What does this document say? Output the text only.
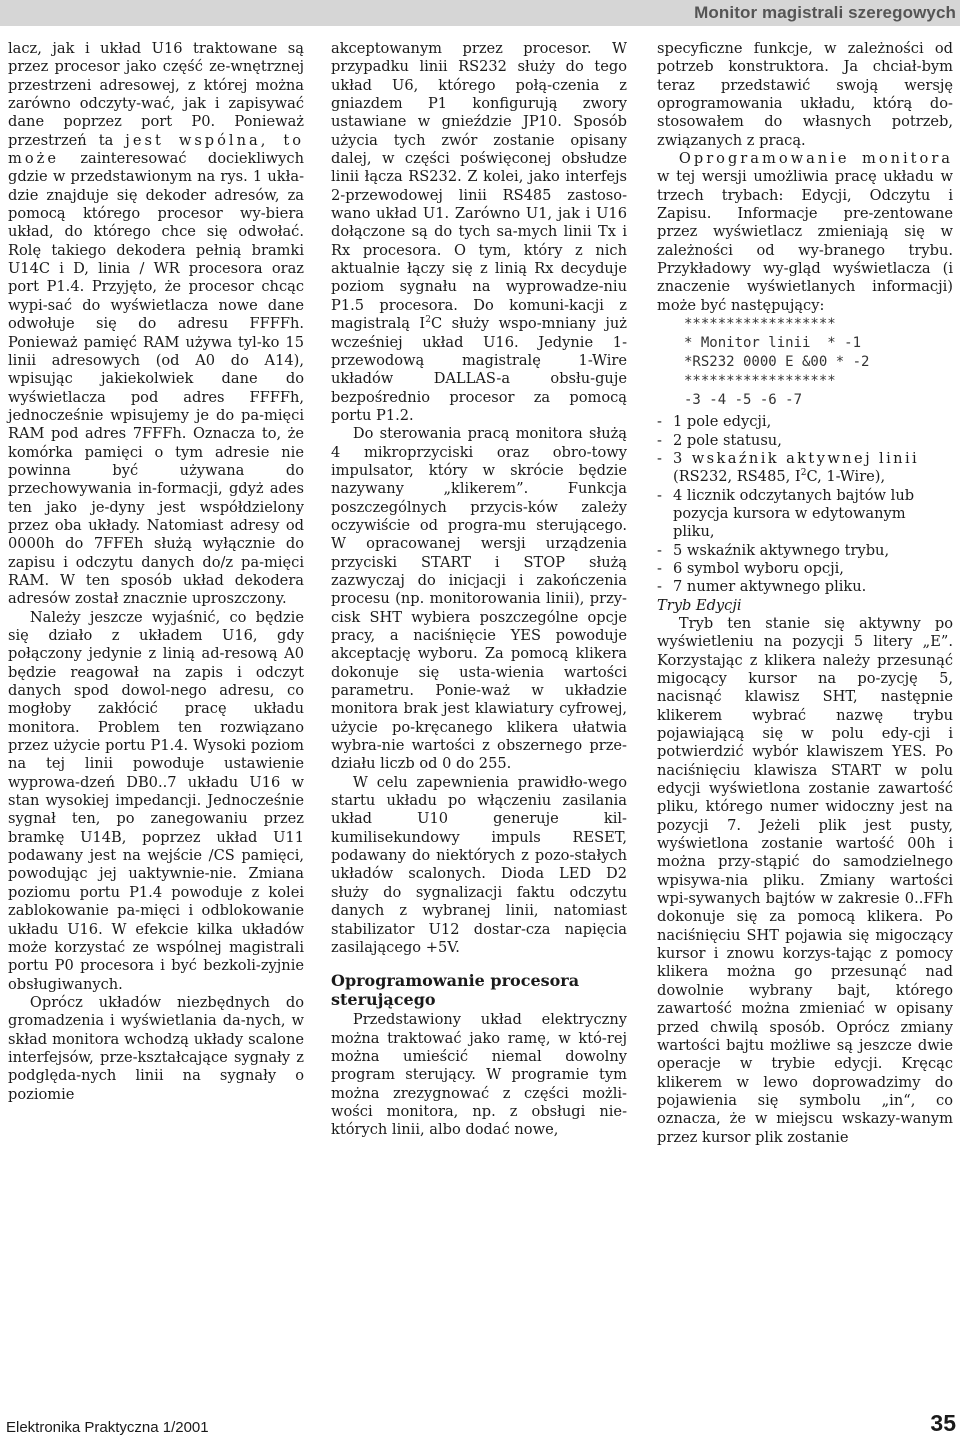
Monitor magistrali szeregowych

lacz, jak i układ U16 traktowane są przez procesor jako część ze-wnętrznej przestrzeni adresowej, z której można zarówno odczyty-wać, jak i zapisywać dane poprzez port P0. Ponieważ przestrzeń ta jest wspólna, to może zainteresować dociekliwych gdzie w przedstawionym na rys. 1 ukła-dzie znajduje się dekoder adresów, za pomocą którego procesor wy-biera układ, do którego chce się odwołać. Rolę takiego dekodera pełnią bramki U14C i D, linia / WR procesora oraz port P1.4. Przyjęto, że procesor chcąc wypi-sać do wyświetlacza nowe dane odwołuje się do adresu FFFFh. Ponieważ pamięć RAM używa tyl-ko 15 linii adresowych (od A0 do A14), wpisując jakiekolwiek dane do wyświetlacza pod adres FFFFh, jednocześnie wpisujemy je do pa-mięci RAM pod adres 7FFFh. Oznacza to, że komórka pamięci o tym adresie nie powinna być używana do przechowywania in-formacji, gdyż ades ten jako je-dyny jest współdzielony przez oba układy. Natomiast adresy od 0000h do 7FFEh służą wyłącznie do zapisu i odczytu danych do/z pa-mięci RAM. W ten sposób układ dekodera adresów został znacznie uproszczony.

Należy jeszcze wyjaśnić, co będzie się działo z układem U16, gdy połączony jedynie z linią ad-resową A0 będzie reagował na zapis i odczyt danych spod dowol-nego adresu, co mogłoby zakłócić pracę układu monitora. Problem ten rozwiązano przez użycie portu P1.4. Wysoki poziom na tej linii powoduje ustawienie wyprowa-dzeń DB0..7 układu U16 w stan wysokiej impedancji. Jednocześnie sygnał ten, po zanegowaniu przez bramkę U14B, poprzez układ U11 podawany jest na wejście /CS pamięci, powodując jej uaktywnie-nie. Zmiana poziomu portu P1.4 powoduje z kolei zablokowanie pa-mięci i odblokowanie układu U16. W efekcie kilka układów może korzystać ze wspólnej magistrali portu P0 procesora i być bezkoli-zyjnie obsługiwanych.

Oprócz układów niezbędnych do gromadzenia i wyświetlania da-nych, w skład monitora wchodzą układy scalone interfejsów, prze-kształcające sygnały z podględa-nych linii na sygnały o poziomie

akceptowanym przez procesor. W przypadku linii RS232 służy do tego układ U6, którego połą-czenia z gniazdem P1 konfigurują zwory ustawiane w gnieździe JP10. Sposób użycia tych zwór zostanie opisany dalej, w części poświęconej obsłudze linii łącza RS232. Z kolei, jako interfejs 2-przewodowej linii RS485 zastoso-wano układ U1. Zarówno U1, jak i U16 dołączone są do tych sa-mych linii Tx i Rx procesora. O tym, który z nich aktualnie łączy się z linią Rx decyduje poziom sygnału na wyprowadze-niu P1.5 procesora. Do komuni-kacji z magistralą $I^2C$ służy wspo-mniany już wcześniej układ U16. Jedynie 1-przewodową magistralę 1-Wire układów DALLAS-a obsłu-guje bezpośrednio procesor za pomocą portu P1.2.

Do sterowania pracą monitora służą 4 mikroprzyciski oraz obro-towy impulsator, który w skrócie będzie nazywany „klikerem”. Funkcja poszczególnych przycis-ków zależy oczywiście od progra-mu sterującego. W opracowanej wersji urządzenia przyciski START i STOP służą zazwyczaj do inicjacji i zakończenia procesu (np. monitorowania linii), przy-cisk SHT wybiera poszczególne opcje pracy, a naciśnięcie YES powoduje akceptację wyboru. Za pomocą klikera dokonuje się usta-wienia wartości parametru. Ponie-waż w układzie monitora brak jest klawiatury cyfrowej, użycie po-kręcanego klikera ułatwia wybra-nie wartości z obszernego prze-działu liczb od 0 do 255.

W celu zapewnienia prawidło-wego startu układu po włączeniu zasilania układ U10 generuje kil-kumilisekundowy impuls RESET, podawany do niektórych z pozo-stałych układów scalonych. Dioda LED D2 służy do sygnalizacji faktu odczytu danych z wybranej linii, natomiast stabilizator U12 dostar-cza napięcia zasilającego +5V.

Oprogramowanie procesora sterującego

Przedstawiony układ elektryczny można traktować jako ramę, w któ-rej można umieścić niemal dowolny program sterujący. W programie tym można zrezygnować z części możli-wości monitora, np. z obsługi nie-których linii, albo dodać nowe,

specyficzne funkcje, w zależności od potrzeb konstruktora. Ja chciał-bym teraz przedstawić swoją wersję oprogramowania układu, którą do-stosowałem do własnych potrzeb, związanych z pracą.

Oprogramowanie monitora w tej wersji umożliwia pracę układu w trzech trybach: Edycji, Odczytu i Zapisu. Informacje pre-zentowane przez wyświetlacz zmieniają się w zależności od wy-branego trybu. Przykładowy wy-gląd wyświetlacza (i znaczenie wyświetlanych informacji) może być następujący:

******************
* Monitor linii  * -1
*RS232 0000 E &00 * -2
******************
-3 -4 -5 -6 -7
- 1 pole edycji,
- 2 pole statusu,
- 3 wskaźnik aktywnej linii
(RS232, RS485, $I^2C$, 1-Wire),
- 4 licznik odczytanych bajtów lub
pozycja kursora w edytowanym
pliku,
- 5 wskaźnik aktywnego trybu,
- 6 symbol wyboru opcji,
- 7 numer aktywnego pliku.

Tryb Edycji

Tryb ten stanie się aktywny po wyświetleniu na pozycji 5 litery „E”. Korzystając z klikera należy przesunąć migocący kursor na po-zycję 5, nacisnąć klawisz SHT, następnie klikerem wybrać nazwę trybu pojawiającą się w polu edy-cji i potwierdzić wybór klawiszem YES. Po naciśnięciu klawisza START w polu edycji wyświetlona zostanie zawartość pliku, którego numer widoczny jest na pozycji 7. Jeżeli plik jest pusty, wyświetlona zostanie wartość 00h i można przy-stąpić do samodzielnego wpisywa-nia pliku. Zmiany wartości wpi-sywanych bajtów w zakresie 0..FFh dokonuje się za pomocą klikera. Po naciśnięciu SHT pojawia się migoczący kursor i znowu korzys-tając z pomocy klikera można go przesunąć nad dowolnie wybrany bajt, którego zawartość można zmieniać w opisany przed chwilą sposób. Oprócz zmiany wartości bajtu możliwe są jeszcze dwie operacje w trybie edycji. Kręcąc klikerem w lewo doprowadzimy do pojawienia się symbolu „in“, co oznacza, że w miejscu wskazy-wanym przez kursor plik zostanie

Elektronika Praktyczna 1/2001	35
